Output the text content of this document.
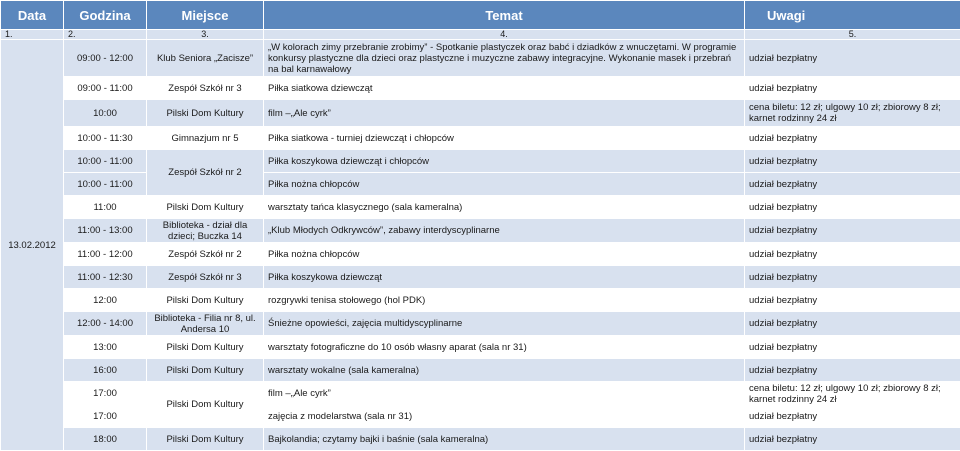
Data	Godzina	Miejsce	Temat	Uwagi
1.	2.	3.	4.	5.
13.02.2012	09:00 - 12:00	Klub Seniora „Zacisze”	„W kolorach zimy przebranie zrobimy” - Spotkanie plastyczek oraz babć i dziadków z wnuczętami. W programie konkursy plastyczne dla dzieci oraz plastyczne i muzyczne zabawy integracyjne. Wykonanie masek i przebrań na bal karnawałowy	udział bezpłatny
	09:00 - 11:00	Zespół Szkół nr 3	Piłka siatkowa dziewcząt	udział bezpłatny
	10:00	Pilski Dom Kultury	film –„Ale cyrk”	cena biletu: 12 zł; ulgowy 10 zł; zbiorowy 8 zł; karnet rodzinny 24 zł
	10:00 - 11:30	Gimnazjum nr 5	Piłka siatkowa - turniej dziewcząt i chłopców	udział bezpłatny
	10:00 - 11:00	Zespół Szkół nr 2	Piłka koszykowa dziewcząt i chłopców	udział bezpłatny
	10:00 - 11:00		Piłka nożna chłopców	udział bezpłatny
	11:00	Pilski Dom Kultury	warsztaty tańca klasycznego (sala kameralna)	udział bezpłatny
	11:00 - 13:00	Biblioteka - dział dla dzieci; Buczka 14	„Klub Młodych Odkrywców”, zabawy interdyscyplinarne	udział bezpłatny
	11:00 - 12:00	Zespół Szkół nr 2	Piłka nożna chłopców	udział bezpłatny
	11:00 - 12:30	Zespół Szkół nr 3	Piłka koszykowa dziewcząt	udział bezpłatny
	12:00	Pilski Dom Kultury	rozgrywki tenisa stołowego (hol PDK)	udział bezpłatny
	12:00 - 14:00	Biblioteka - Filia nr 8, ul. Andersa 10	Śnieżne opowieści, zajęcia multidyscyplinarne	udział bezpłatny
	13:00	Pilski Dom Kultury	warsztaty fotograficzne do 10 osób własny aparat (sala nr 31)	udział bezpłatny
	16:00	Pilski Dom Kultury	warsztaty wokalne (sala kameralna)	udział bezpłatny
	17:00	Pilski Dom Kultury	film –„Ale cyrk”	cena biletu: 12 zł; ulgowy 10 zł; zbiorowy 8 zł; karnet rodzinny 24 zł
	17:00		zajęcia z modelarstwa (sala nr 31)	udział bezpłatny
	18:00	Pilski Dom Kultury	Bajkolandia; czytamy bajki i baśnie (sala kameralna)	udział bezpłatny
